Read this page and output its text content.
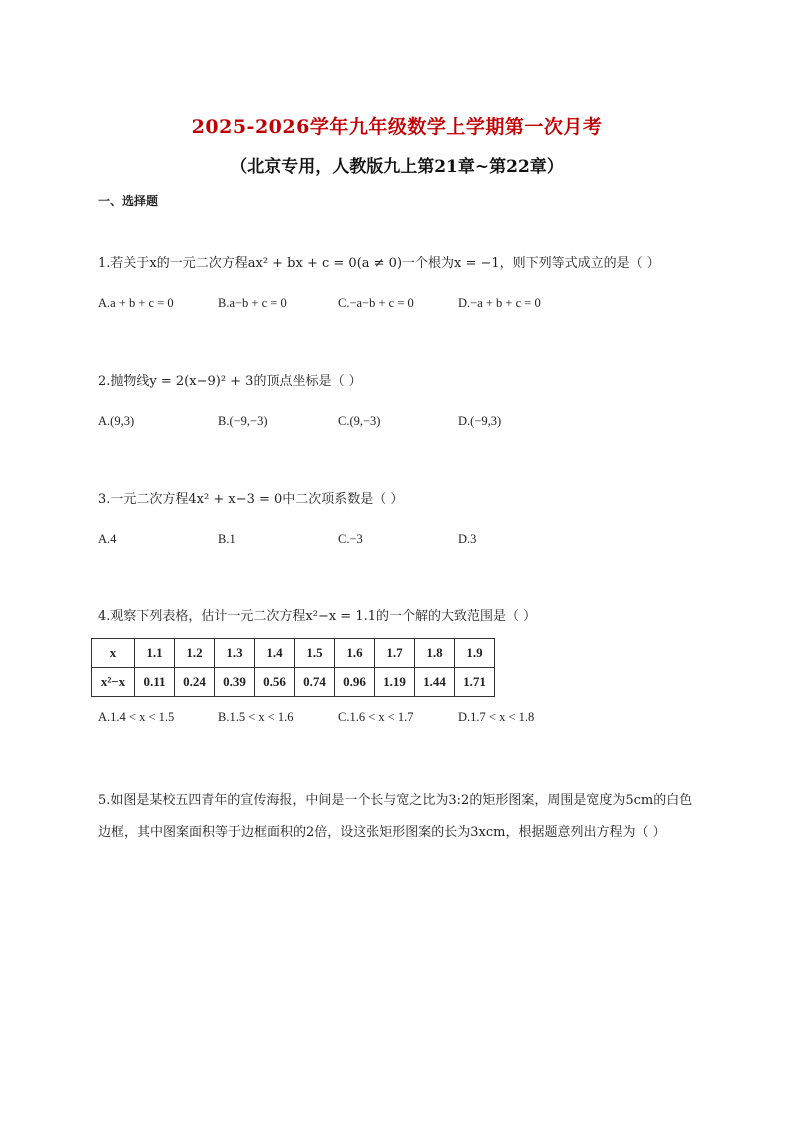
2025-2026学年九年级数学上学期第一次月考
（北京专用，人教版九上第21章~第22章）
一、选择题
1.若关于x的一元二次方程ax² + bx + c = 0(a ≠ 0)一个根为x = −1，则下列等式成立的是（ ）
A.a + b + c = 0	B.a−b + c = 0	C.−a−b + c = 0	D.−a + b + c = 0
2.抛物线y = 2(x−9)² + 3的顶点坐标是（ ）
A.(9,3)	B.(−9,−3)	C.(9,−3)	D.(−9,3)
3.一元二次方程4x² + x−3 = 0中二次项系数是（ ）
A.4	B.1	C.−3	D.3
4.观察下列表格，估计一元二次方程x²−x = 1.1的一个解的大致范围是（ ）
x	1.1	1.2	1.3	1.4	1.5	1.6	1.7	1.8	1.9
x²−x	0.11	0.24	0.39	0.56	0.74	0.96	1.19	1.44	1.71
A.1.4 < x < 1.5	B.1.5 < x < 1.6	C.1.6 < x < 1.7	D.1.7 < x < 1.8
5.如图是某校五四青年的宣传海报，中间是一个长与宽之比为3:2的矩形图案，周围是宽度为5cm的白色边框，其中图案面积等于边框面积的2倍，设这张矩形图案的长为3xcm，根据题意列出方程为（ ）
